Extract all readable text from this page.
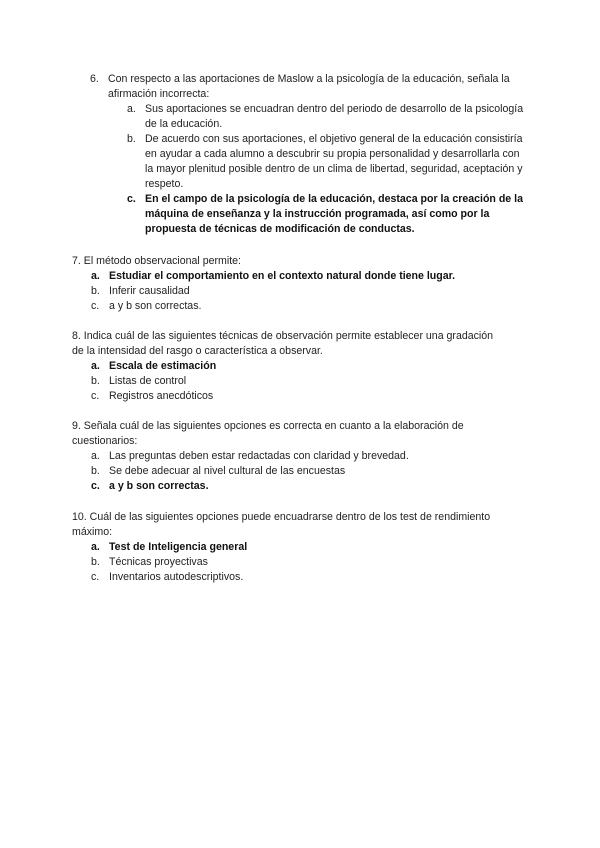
6. Con respecto a las aportaciones de Maslow a la psicología de la educación, señala la afirmación incorrecta:
a. Sus aportaciones se encuadran dentro del periodo de desarrollo de la psicología de la educación.
b. De acuerdo con sus aportaciones, el objetivo general de la educación consistiría en ayudar a cada alumno a descubrir su propia personalidad y desarrollarla con la mayor plenitud posible dentro de un clima de libertad, seguridad, aceptación y respeto.
c. En el campo de la psicología de la educación, destaca por la creación de la máquina de enseñanza y la instrucción programada, así como por la propuesta de técnicas de modificación de conductas.
7. El método observacional permite:
a. Estudiar el comportamiento en el contexto natural donde tiene lugar.
b. Inferir causalidad
c. a y b son correctas.
8. Indica cuál de las siguientes técnicas de observación permite establecer una gradación de la intensidad del rasgo o característica a observar.
a. Escala de estimación
b. Listas de control
c. Registros anecdóticos
9. Señala cuál de las siguientes opciones es correcta en cuanto a la elaboración de cuestionarios:
a. Las preguntas deben estar redactadas con claridad y brevedad.
b. Se debe adecuar al nivel cultural de las encuestas
c. a y b son correctas.
10. Cuál de las siguientes opciones puede encuadrarse dentro de los test de rendimiento máximo:
a. Test de Inteligencia general
b. Técnicas proyectivas
c. Inventarios autodescriptivos.
